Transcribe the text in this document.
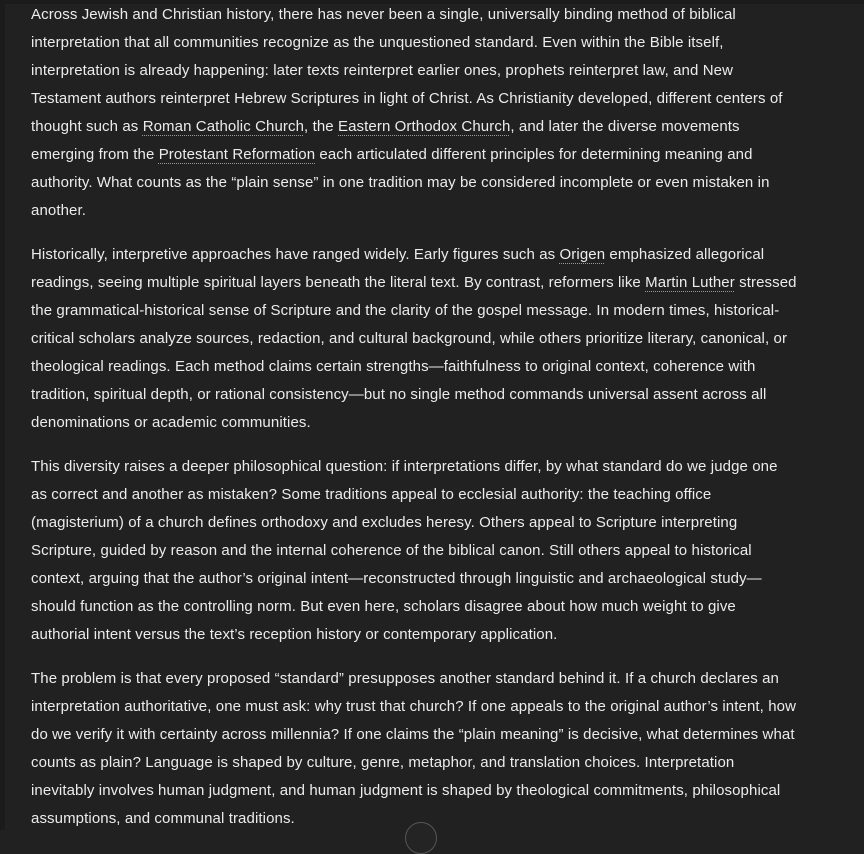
Across Jewish and Christian history, there has never been a single, universally binding method of biblical interpretation that all communities recognize as the unquestioned standard. Even within the Bible itself, interpretation is already happening: later texts reinterpret earlier ones, prophets reinterpret law, and New Testament authors reinterpret Hebrew Scriptures in light of Christ. As Christianity developed, different centers of thought such as Roman Catholic Church, the Eastern Orthodox Church, and later the diverse movements emerging from the Protestant Reformation each articulated different principles for determining meaning and authority. What counts as the “plain sense” in one tradition may be considered incomplete or even mistaken in another.

Historically, interpretive approaches have ranged widely. Early figures such as Origen emphasized allegorical readings, seeing multiple spiritual layers beneath the literal text. By contrast, reformers like Martin Luther stressed the grammatical-historical sense of Scripture and the clarity of the gospel message. In modern times, historical-critical scholars analyze sources, redaction, and cultural background, while others prioritize literary, canonical, or theological readings. Each method claims certain strengths—faithfulness to original context, coherence with tradition, spiritual depth, or rational consistency—but no single method commands universal assent across all denominations or academic communities.

This diversity raises a deeper philosophical question: if interpretations differ, by what standard do we judge one as correct and another as mistaken? Some traditions appeal to ecclesial authority: the teaching office (magisterium) of a church defines orthodoxy and excludes heresy. Others appeal to Scripture interpreting Scripture, guided by reason and the internal coherence of the biblical canon. Still others appeal to historical context, arguing that the author’s original intent—reconstructed through linguistic and archaeological study—should function as the controlling norm. But even here, scholars disagree about how much weight to give authorial intent versus the text’s reception history or contemporary application.

The problem is that every proposed “standard” presupposes another standard behind it. If a church declares an interpretation authoritative, one must ask: why trust that church? If one appeals to the original author’s intent, how do we verify it with certainty across millennia? If one claims the “plain meaning” is decisive, what determines what counts as plain? Language is shaped by culture, genre, metaphor, and translation choices. Interpretation inevitably involves human judgment, and human judgment is shaped by theological commitments, philosophical assumptions, and communal traditions.
